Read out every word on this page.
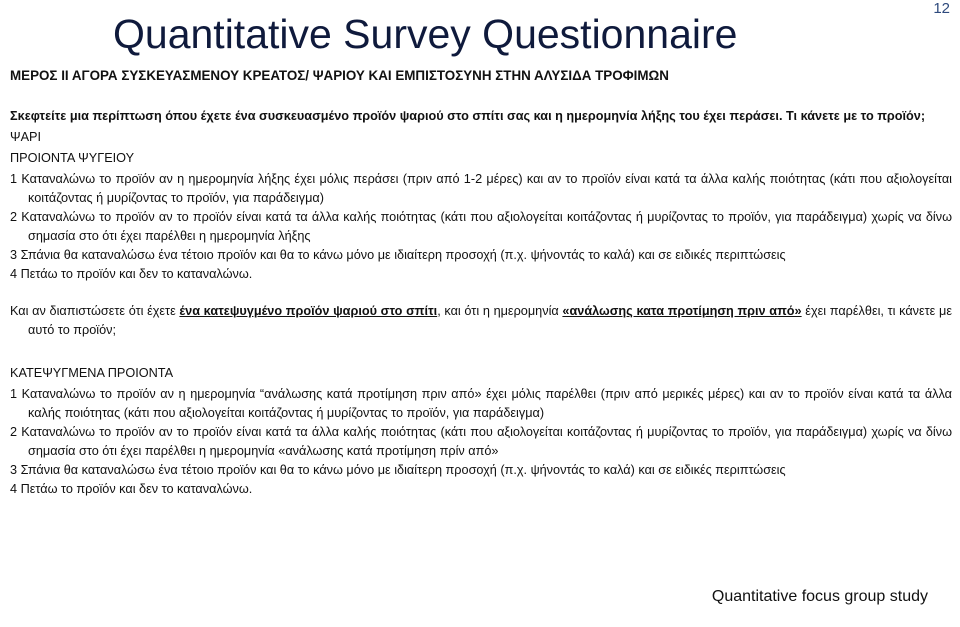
Quantitative Survey Questionnaire
12
ΜΕΡΟΣ ΙΙ ΑΓΟΡΑ ΣΥΣΚΕΥΑΣΜΕΝΟΥ ΚΡΕΑΤΟΣ/ ΨΑΡΙΟΥ ΚΑΙ ΕΜΠΙΣΤΟΣΥΝΗ ΣΤΗΝ ΑΛΥΣΙΔΑ ΤΡΟΦΙΜΩΝ

Σκεφτείτε μια περίπτωση όπου έχετε ένα συσκευασμένο προϊόν ψαριού στο σπίτι σας και η ημερομηνία λήξης του έχει περάσει. Τι κάνετε με το προϊόν;

ΨΑΡΙ

ΠΡΟΙΟΝΤΑ ΨΥΓΕΙΟΥ

1 Καταναλώνω το προϊόν αν η ημερομηνία λήξης έχει μόλις περάσει (πριν από 1-2 μέρες) και αν το προϊόν είναι κατά τα άλλα καλής ποιότητας (κάτι που αξιολογείται κοιτάζοντας ή μυρίζοντας το προϊόν, για παράδειγμα)

2 Καταναλώνω το προϊόν αν το προϊόν είναι κατά τα άλλα καλής ποιότητας (κάτι που αξιολογείται κοιτάζοντας ή μυρίζοντας το προϊόν, για παράδειγμα) χωρίς να δίνω σημασία στο ότι έχει παρέλθει η ημερομηνία λήξης

3 Σπάνια θα καταναλώσω ένα τέτοιο προϊόν και θα το κάνω μόνο με ιδιαίτερη προσοχή (π.χ. ψήνοντάς το καλά) και σε ειδικές περιπτώσεις

4 Πετάω το προϊόν και δεν το καταναλώνω.

Και αν διαπιστώσετε ότι έχετε ένα κατεψυγμένο προϊόν ψαριού στο σπίτι, και ότι η ημερομηνία «ανάλωσης κατα προτίμηση πριν από» έχει παρέλθει, τι κάνετε με αυτό το προϊόν;

ΚΑΤΕΨΥΓΜΕΝΑ ΠΡΟΙΟΝΤΑ

1 Καταναλώνω το προϊόν αν η ημερομηνία “ανάλωσης κατά προτίμηση πριν από» έχει μόλις παρέλθει (πριν από μερικές μέρες) και αν το προϊόν είναι κατά τα άλλα καλής ποιότητας (κάτι που αξιολογείται κοιτάζοντας ή μυρίζοντας το προϊόν, για παράδειγμα)

2 Καταναλώνω το προϊόν αν το προϊόν είναι κατά τα άλλα καλής ποιότητας (κάτι που αξιολογείται κοιτάζοντας ή μυρίζοντας το προϊόν, για παράδειγμα) χωρίς να δίνω σημασία στο ότι έχει παρέλθει η ημερομηνία «ανάλωσης κατά προτίμηση πρίν από»

3 Σπάνια θα καταναλώσω ένα τέτοιο προϊόν και θα το κάνω μόνο με ιδιαίτερη προσοχή (π.χ. ψήνοντάς το καλά) και σε ειδικές περιπτώσεις

4 Πετάω το προϊόν και δεν το καταναλώνω.

Quantitative focus group study
